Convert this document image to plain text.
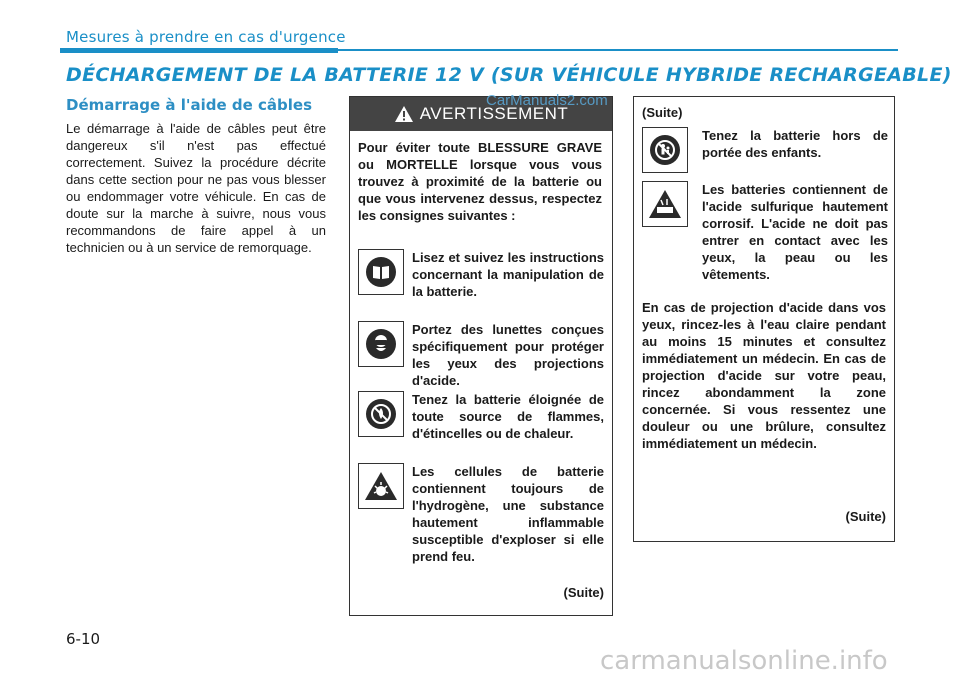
Mesures à prendre en cas d'urgence
DÉCHARGEMENT DE LA BATTERIE 12 V (SUR VÉHICULE HYBRIDE RECHARGEABLE)
Démarrage à l'aide de câbles
Le démarrage à l'aide de câbles peut être dangereux s'il n'est pas effectué correctement. Suivez la procédure décrite dans cette section pour ne pas vous blesser ou endommager votre véhicule. En cas de doute sur la marche à suivre, nous vous recommandons de faire appel à un technicien ou à un service de remorquage.
AVERTISSEMENT
Pour éviter toute BLESSURE GRAVE ou MORTELLE lorsque vous vous trouvez à proximité de la batterie ou que vous intervenez dessus, respectez les consignes suivantes :
Lisez et suivez les instructions concernant la manipulation de la batterie.
Portez des lunettes conçues spécifiquement pour protéger les yeux des projections d'acide.
Tenez la batterie éloignée de toute source de flammes, d'étincelles ou de chaleur.
Les cellules de batterie contiennent toujours de l'hydrogène, une substance hautement inflammable susceptible d'exploser si elle prend feu.
(Suite)
CarManuals2.com
(Suite)
Tenez la batterie hors de portée des enfants.
Les batteries contiennent de l'acide sulfurique hautement corrosif. L'acide ne doit pas entrer en contact avec les yeux, la peau ou les vêtements.
En cas de projection d'acide dans vos yeux, rincez-les à l'eau claire pendant au moins 15 minutes et consultez immédiatement un médecin. En cas de projection d'acide sur votre peau, rincez abondamment la zone concernée. Si vous ressentez une douleur ou une brûlure, consultez immédiatement un médecin.
(Suite)
6-10
carmanualsonline.info
